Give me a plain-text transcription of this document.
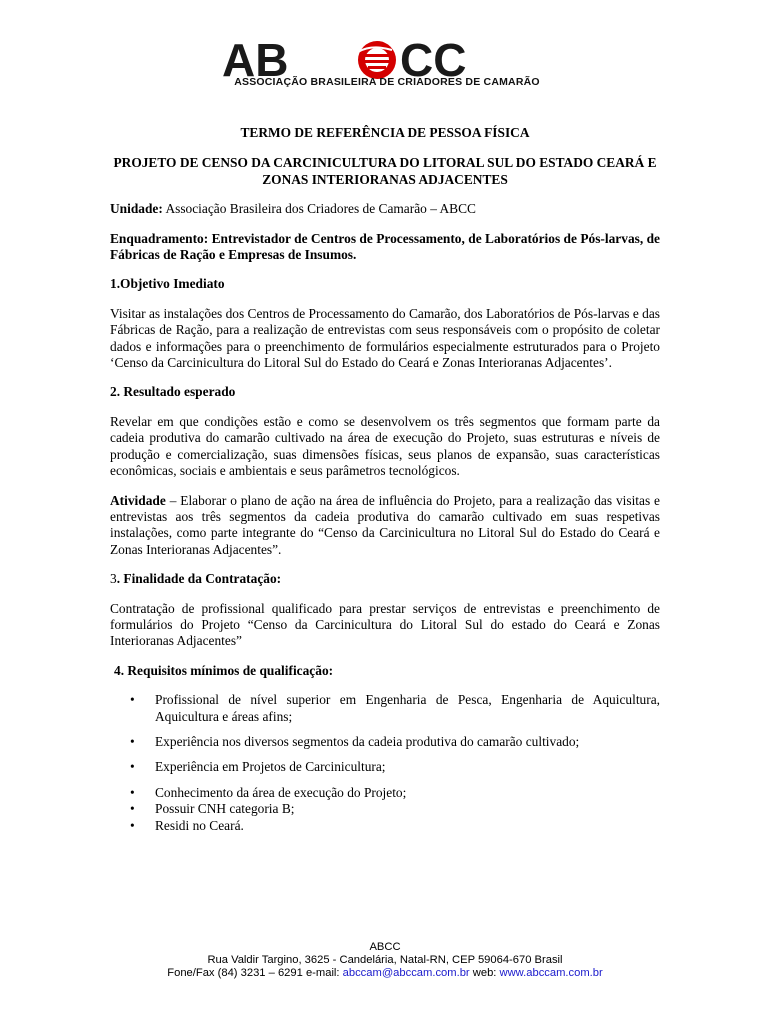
AB CC
ASSOCIAÇÃO BRASILEIRA DE CRIADORES DE CAMARÃO
TERMO DE REFERÊNCIA DE PESSOA FÍSICA
PROJETO DE CENSO DA CARCINICULTURA DO LITORAL SUL DO ESTADO CEARÁ E ZONAS INTERIORANAS ADJACENTES

Unidade: Associação Brasileira dos Criadores de Camarão – ABCC

Enquadramento: Entrevistador de Centros de Processamento, de Laboratórios de Pós-larvas, de Fábricas de Ração e Empresas de Insumos.

1.Objetivo Imediato

Visitar as instalações dos Centros de Processamento do Camarão, dos Laboratórios de Pós-larvas e das Fábricas de Ração, para a realização de entrevistas com seus responsáveis com o propósito de coletar dados e informações para o preenchimento de formulários especialmente estruturados para o Projeto ‘Censo da Carcinicultura do Litoral Sul do Estado do Ceará e Zonas Interioranas Adjacentes’.

2. Resultado esperado

Revelar em que condições estão e como se desenvolvem os três segmentos que formam parte da cadeia produtiva do camarão cultivado na área de execução do Projeto, suas estruturas e níveis de produção e comercialização, suas dimensões físicas, seus planos de expansão, suas características econômicas, sociais e ambientais e seus parâmetros tecnológicos.

Atividade – Elaborar o plano de ação na área de influência do Projeto, para a realização das visitas e entrevistas aos três segmentos da cadeia produtiva do camarão cultivado em suas respetivas instalações, como parte integrante do “Censo da Carcinicultura no Litoral Sul do Estado do Ceará e Zonas Interioranas Adjacentes”.

3. Finalidade da Contratação:

Contratação de profissional qualificado para prestar serviços de entrevistas e preenchimento de formulários do Projeto “Censo da Carcinicultura do Litoral Sul do estado do Ceará e Zonas Interioranas Adjacentes”

4. Requisitos mínimos de qualificação:
• Profissional de nível superior em Engenharia de Pesca, Engenharia de Aquicultura, Aquicultura e áreas afins;
• Experiência nos diversos segmentos da cadeia produtiva do camarão cultivado;
• Experiência em Projetos de Carcinicultura;
• Conhecimento da área de execução do Projeto;
• Possuir CNH categoria B;
• Residi no Ceará.
ABCC
Rua Valdir Targino, 3625 - Candelária, Natal-RN, CEP 59064-670 Brasil
Fone/Fax (84) 3231 – 6291 e-mail: abccam@abccam.com.br web: www.abccam.com.br
